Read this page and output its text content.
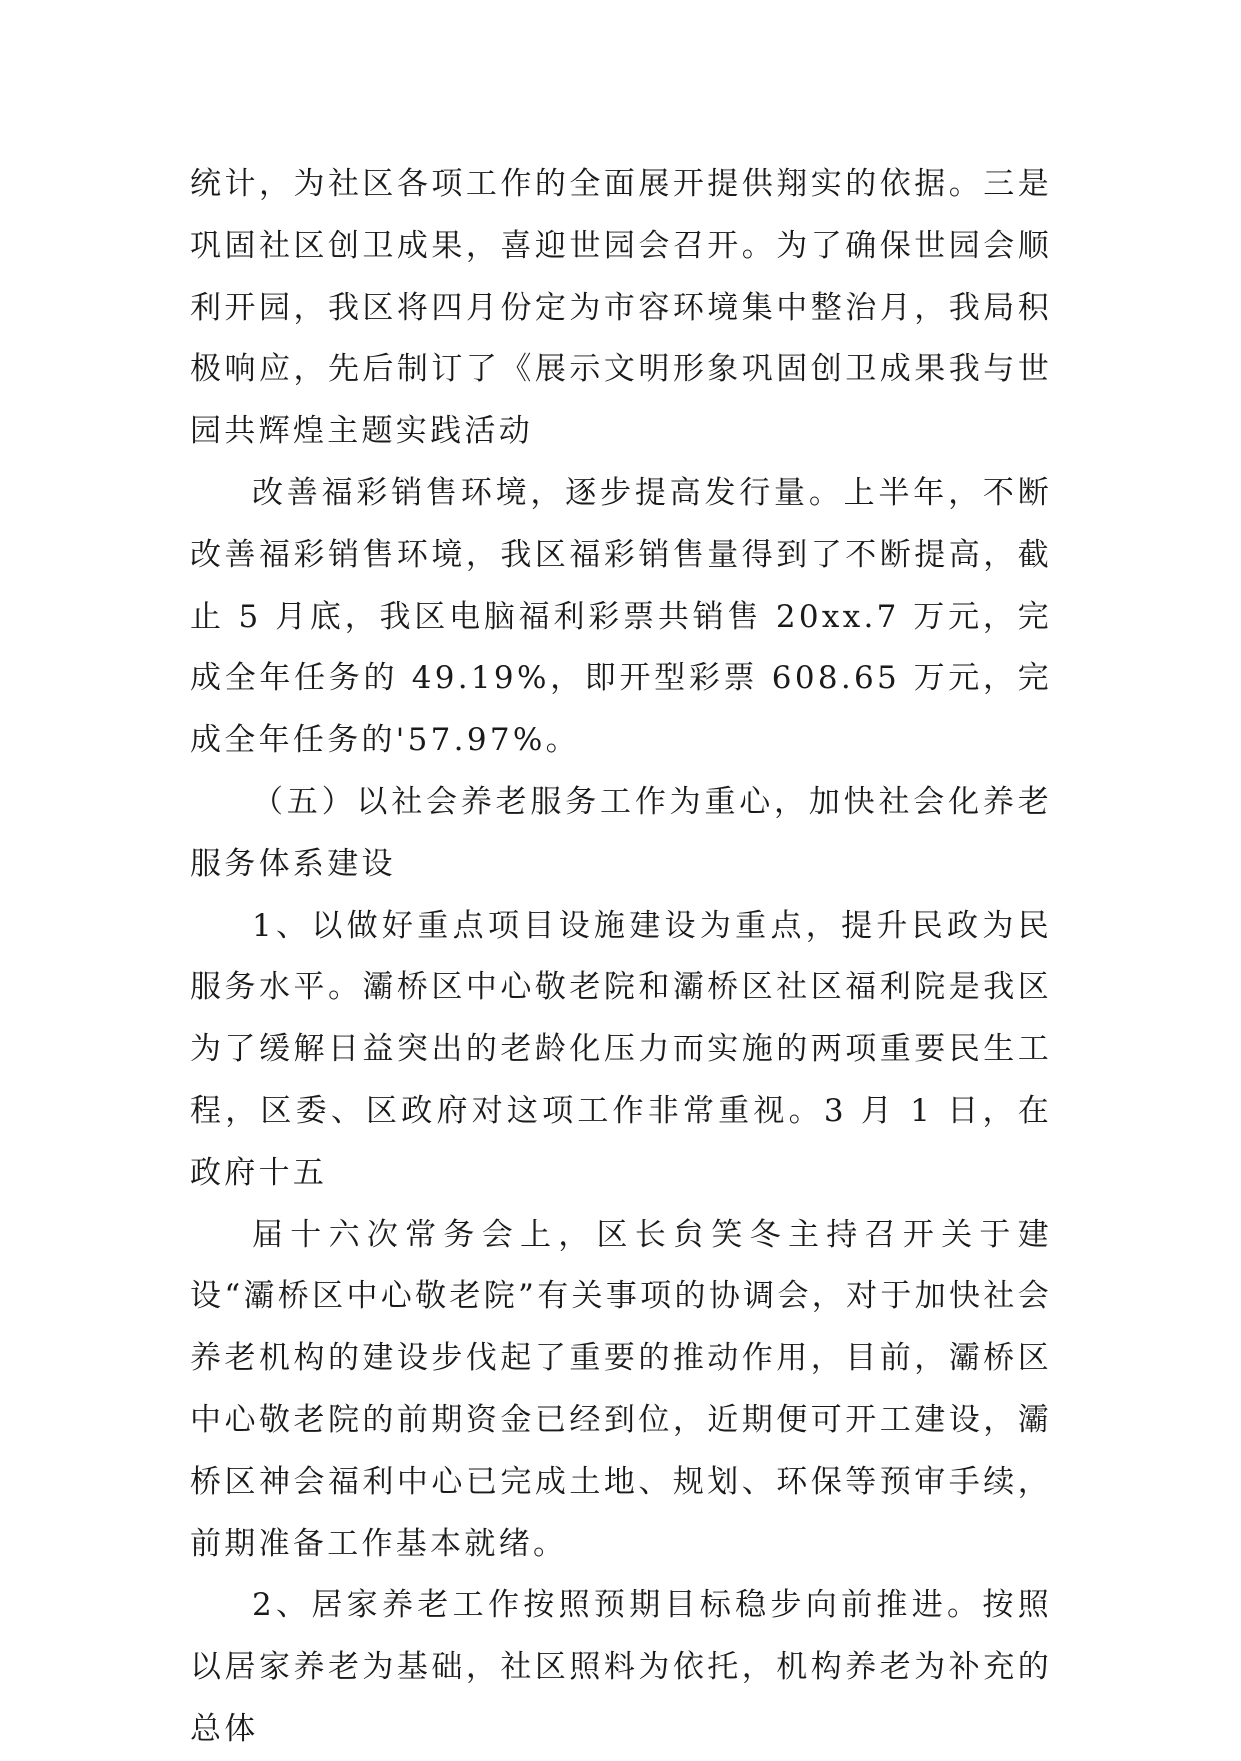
统计，为社区各项工作的全面展开提供翔实的依据。三是巩固社区创卫成果，喜迎世园会召开。为了确保世园会顺利开园，我区将四月份定为市容环境集中整治月，我局积极响应，先后制订了《展示文明形象巩固创卫成果我与世园共辉煌主题实践活动

改善福彩销售环境，逐步提高发行量。上半年，不断改善福彩销售环境，我区福彩销售量得到了不断提高，截止 5 月底，我区电脑福利彩票共销售 20xx.7 万元，完成全年任务的 49.19%，即开型彩票 608.65 万元，完成全年任务的'57.97%。

（五）以社会养老服务工作为重心，加快社会化养老服务体系建设

1、以做好重点项目设施建设为重点，提升民政为民服务水平。灞桥区中心敬老院和灞桥区社区福利院是我区为了缓解日益突出的老龄化压力而实施的两项重要民生工程，区委、区政府对这项工作非常重视。3 月 1 日，在政府十五

届十六次常务会上，区长贠笑冬主持召开关于建设“灞桥区中心敬老院”有关事项的协调会，对于加快社会养老机构的建设步伐起了重要的推动作用，目前，灞桥区中心敬老院的前期资金已经到位，近期便可开工建设，灞桥区神会福利中心已完成土地、规划、环保等预审手续，前期准备工作基本就绪。

2、居家养老工作按照预期目标稳步向前推进。按照以居家养老为基础，社区照料为依托，机构养老为补充的总体
